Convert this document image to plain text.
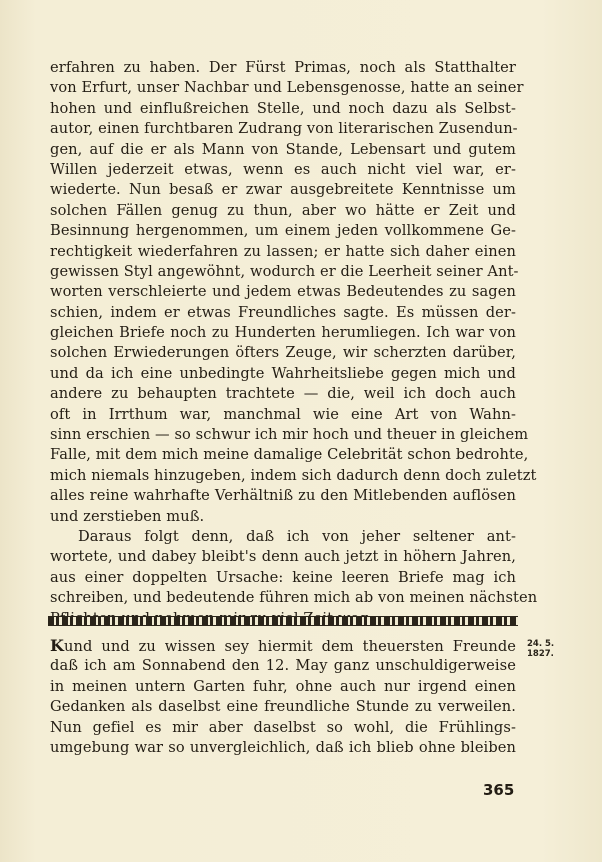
erfahren zu haben. Der Fürst Primas, noch als Statthalter
von Erfurt, unser Nachbar und Lebensgenosse, hatte an seiner
hohen und einflußreichen Stelle, und noch dazu als Selbst-
autor, einen furchtbaren Zudrang von literarischen Zusendun-
gen, auf die er als Mann von Stande, Lebensart und gutem
Willen jederzeit etwas, wenn es auch nicht viel war, er-
wiederte. Nun besaß er zwar ausgebreitete Kenntnisse um
solchen Fällen genug zu thun, aber wo hätte er Zeit und
Besinnung hergenommen, um einem jeden vollkommene Ge-
rechtigkeit wiederfahren zu lassen; er hatte sich daher einen
gewissen Styl angewöhnt, wodurch er die Leerheit seiner Ant-
worten verschleierte und jedem etwas Bedeutendes zu sagen
schien, indem er etwas Freundliches sagte. Es müssen der-
gleichen Briefe noch zu Hunderten herumliegen. Ich war von
solchen Erwiederungen öfters Zeuge, wir scherzten darüber,
und da ich eine unbedingte Wahrheitsliebe gegen mich und
andere zu behaupten trachtete — die, weil ich doch auch
oft in Irrthum war, manchmal wie eine Art von Wahn-
sinn erschien — so schwur ich mir hoch und theuer in gleichem
Falle, mit dem mich meine damalige Celebrität schon bedrohte,
mich niemals hinzugeben, indem sich dadurch denn doch zuletzt
alles reine wahrhafte Verhältniß zu den Mitlebenden auflösen
und zerstieben muß.
Daraus folgt denn, daß ich von jeher seltener ant-
wortete, und dabey bleibt's denn auch jetzt in höhern Jahren,
aus einer doppelten Ursache: keine leeren Briefe mag ich
schreiben, und bedeutende führen mich ab von meinen nächsten
Kund und zu wissen sey hiermit dem theuersten Freunde
daß ich am Sonnabend den 12. May ganz unschuldigerweise
in meinen untern Garten fuhr, ohne auch nur irgend einen
Gedanken als daselbst eine freundliche Stunde zu verweilen.
Nun gefiel es mir aber daselbst so wohl, die Frühlings-
umgebung war so unvergleichlich, daß ich blieb ohne bleiben
24. 5.
1827.
365
